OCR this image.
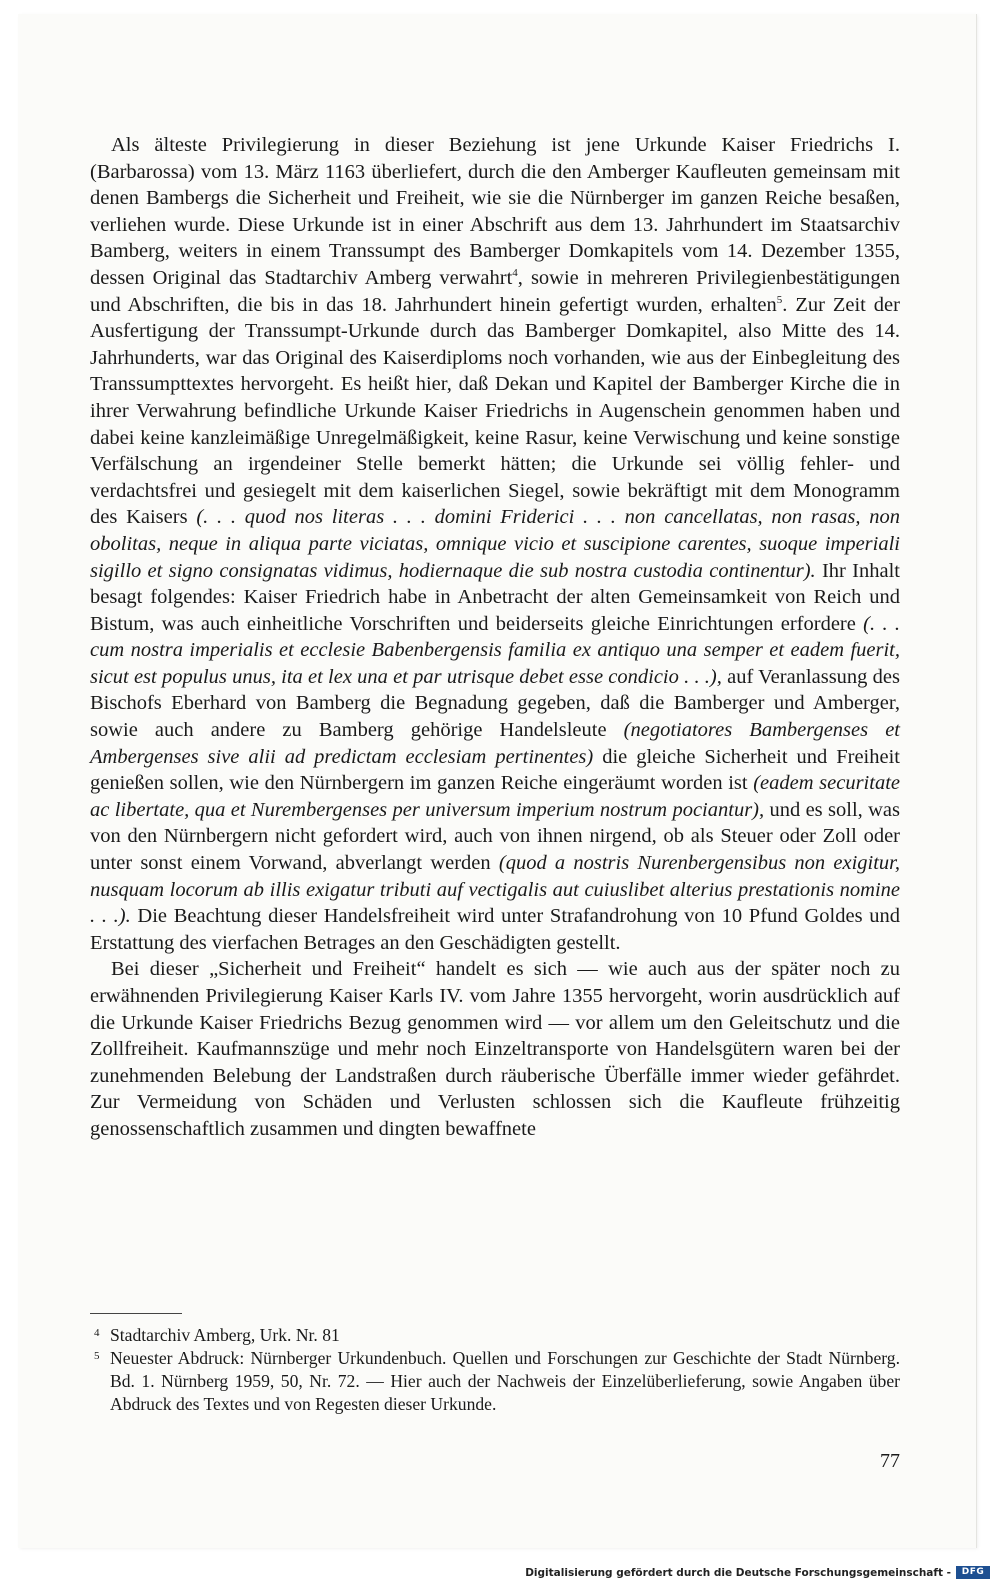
Als älteste Privilegierung in dieser Beziehung ist jene Urkunde Kaiser Friedrichs I. (Barbarossa) vom 13. März 1163 überliefert, durch die den Amberger Kaufleuten gemeinsam mit denen Bambergs die Sicherheit und Freiheit, wie sie die Nürnberger im ganzen Reiche besaßen, verliehen wurde. Diese Urkunde ist in einer Abschrift aus dem 13. Jahrhundert im Staatsarchiv Bamberg, weiters in einem Transsumpt des Bamberger Domkapitels vom 14. Dezember 1355, dessen Original das Stadtarchiv Amberg verwahrt$^4$, sowie in mehreren Privilegienbestätigungen und Abschriften, die bis in das 18. Jahrhundert hinein gefertigt wurden, erhalten$^5$. Zur Zeit der Ausfertigung der Transsumpt-Urkunde durch das Bamberger Domkapitel, also Mitte des 14. Jahrhunderts, war das Original des Kaiserdiploms noch vorhanden, wie aus der Einbegleitung des Transsumpttextes hervorgeht. Es heißt hier, daß Dekan und Kapitel der Bamberger Kirche die in ihrer Verwahrung befindliche Urkunde Kaiser Friedrichs in Augenschein genommen haben und dabei keine kanzleimäßige Unregelmäßigkeit, keine Rasur, keine Verwischung und keine sonstige Verfälschung an irgendeiner Stelle bemerkt hätten; die Urkunde sei völlig fehler- und verdachtsfrei und gesiegelt mit dem kaiserlichen Siegel, sowie bekräftigt mit dem Monogramm des Kaisers (. . . quod nos literas . . . domini Friderici . . . non cancellatas, non rasas, non obolitas, neque in aliqua parte viciatas, omnique vicio et suscipione carentes, suoque imperiali sigillo et signo consignatas vidimus, hodiernaque die sub nostra custodia continentur). Ihr Inhalt besagt folgendes: Kaiser Friedrich habe in Anbetracht der alten Gemeinsamkeit von Reich und Bistum, was auch einheitliche Vorschriften und beiderseits gleiche Einrichtungen erfordere (. . . cum nostra imperialis et ecclesie Babenbergensis familia ex antiquo una semper et eadem fuerit, sicut est populus unus, ita et lex una et par utrisque debet esse condicio . . .), auf Veranlassung des Bischofs Eberhard von Bamberg die Begnadung gegeben, daß die Bamberger und Amberger, sowie auch andere zu Bamberg gehörige Handelsleute (negotiatores Bambergenses et Ambergenses sive alii ad predictam ecclesiam pertinentes) die gleiche Sicherheit und Freiheit genießen sollen, wie den Nürnbergern im ganzen Reiche eingeräumt worden ist (eadem securitate ac libertate, qua et Nurembergenses per universum imperium nostrum pociantur), und es soll, was von den Nürnbergern nicht gefordert wird, auch von ihnen nirgend, ob als Steuer oder Zoll oder unter sonst einem Vorwand, abverlangt werden (quod a nostris Nurenbergensibus non exigitur, nusquam locorum ab illis exigatur tributi auf vectigalis aut cuiuslibet alterius prestationis nomine . . .). Die Beachtung dieser Handelsfreiheit wird unter Strafandrohung von 10 Pfund Goldes und Erstattung des vierfachen Betrages an den Geschädigten gestellt.

Bei dieser „Sicherheit und Freiheit“ handelt es sich — wie auch aus der später noch zu erwähnenden Privilegierung Kaiser Karls IV. vom Jahre 1355 hervorgeht, worin ausdrücklich auf die Urkunde Kaiser Friedrichs Bezug genommen wird — vor allem um den Geleitschutz und die Zollfreiheit. Kaufmannszüge und mehr noch Einzeltransporte von Handelsgütern waren bei der zunehmenden Belebung der Landstraßen durch räuberische Überfälle immer wieder gefährdet. Zur Vermeidung von Schäden und Verlusten schlossen sich die Kaufleute frühzeitig genossenschaftlich zusammen und dingten bewaffnete

4 Stadtarchiv Amberg, Urk. Nr. 81
5 Neuester Abdruck: Nürnberger Urkundenbuch. Quellen und Forschungen zur Geschichte der Stadt Nürnberg. Bd. 1. Nürnberg 1959, 50, Nr. 72. — Hier auch der Nachweis der Einzelüberlieferung, sowie Angaben über Abdruck des Textes und von Regesten dieser Urkunde.
77
Digitalisierung gefördert durch die Deutsche Forschungsgemeinschaft -	DFG
